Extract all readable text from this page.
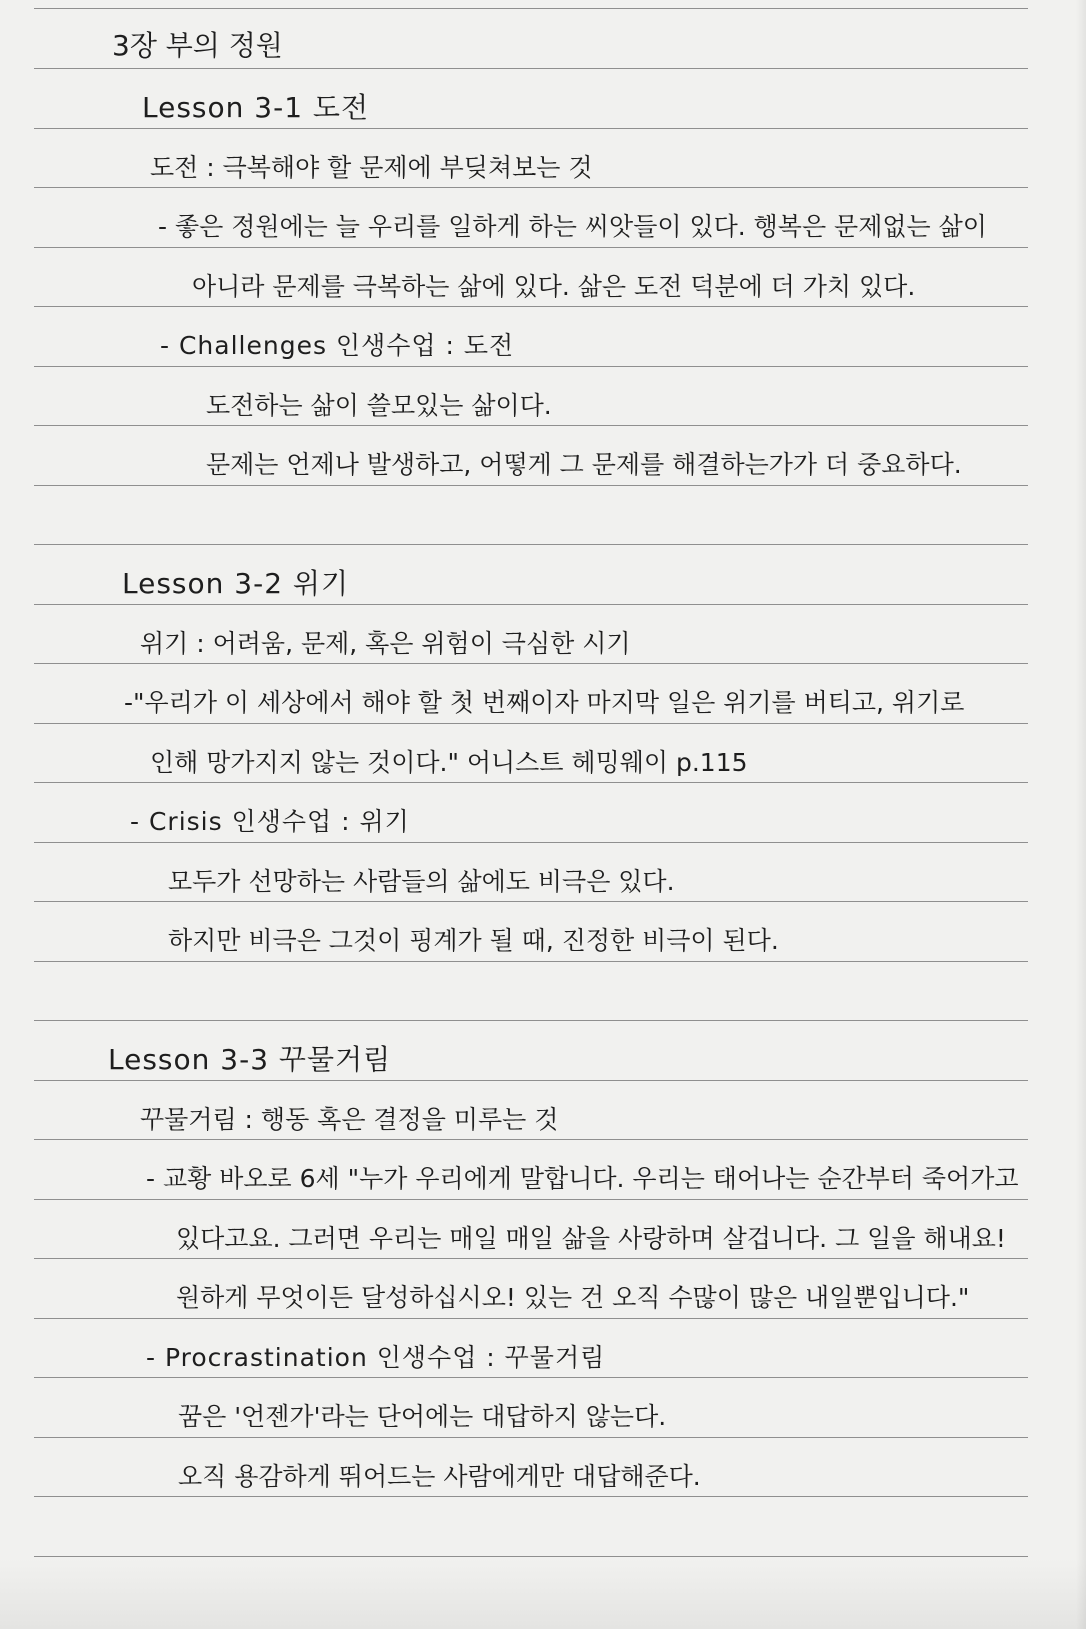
3장 부의 정원
Lesson 3-1 도전
도전 : 극복해야 할 문제에 부딪쳐보는 것
- 좋은 정원에는 늘 우리를 일하게 하는 씨앗들이 있다. 행복은 문제없는 삶이
아니라 문제를 극복하는 삶에 있다. 삶은 도전 덕분에 더 가치 있다.
- Challenges 인생수업 : 도전
도전하는 삶이 쓸모있는 삶이다.
문제는 언제나 발생하고, 어떻게 그 문제를 해결하는가가 더 중요하다.
Lesson 3-2 위기
위기 : 어려움, 문제, 혹은 위험이 극심한 시기
-"우리가 이 세상에서 해야 할 첫 번째이자 마지막 일은 위기를 버티고, 위기로
인해 망가지지 않는 것이다." 어니스트 헤밍웨이 p.115
- Crisis 인생수업 : 위기
모두가 선망하는 사람들의 삶에도 비극은 있다.
하지만 비극은 그것이 핑계가 될 때, 진정한 비극이 된다.
Lesson 3-3 꾸물거림
꾸물거림 : 행동 혹은 결정을 미루는 것
- 교황 바오로 6세 "누가 우리에게 말합니다. 우리는 태어나는 순간부터 죽어가고
있다고요. 그러면 우리는 매일 매일 삶을 사랑하며 살겁니다. 그 일을 해내요!
원하게 무엇이든 달성하십시오! 있는 건 오직 수많이 많은 내일뿐입니다."
- Procrastination 인생수업 : 꾸물거림
꿈은 '언젠가'라는 단어에는 대답하지 않는다.
오직 용감하게 뛰어드는 사람에게만 대답해준다.
